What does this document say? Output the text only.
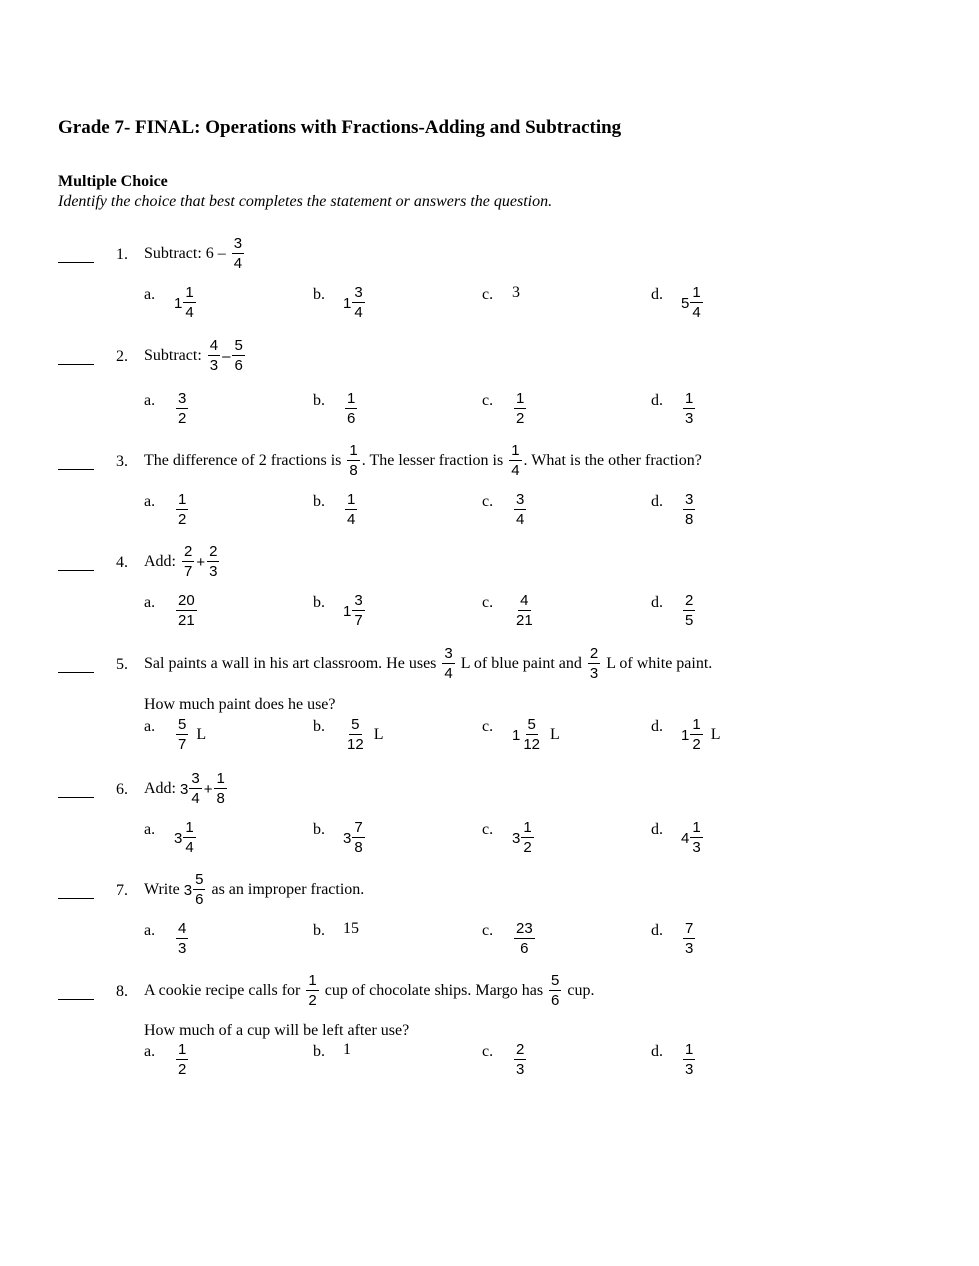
Grade 7- FINAL: Operations with Fractions-Adding and Subtracting
Multiple Choice
Identify the choice that best completes the statement or answers the question.
1. Subtract: $6 - \frac{3}{4}$
a.	$1 \frac{1}{4}$	b.	$1 \frac{3}{4}$	c.	3	d.	$5 \frac{1}{4}$
2. Subtract: $\frac{4}{3} - \frac{5}{6}$
a.	$\frac{3}{2}$	b.	$\frac{1}{6}$	c.	$\frac{1}{2}$	d.	$\frac{1}{3}$
3. The difference of 2 fractions is $\frac{1}{8}$ . The lesser fraction is $\frac{1}{4}$ . What is the other fraction?
a.	$\frac{1}{2}$	b.	$\frac{1}{4}$	c.	$\frac{3}{4}$	d.	$\frac{3}{8}$
4. Add: $\frac{2}{7} + \frac{2}{3}$
a.	$\frac{20}{21}$	b.	$1 \frac{3}{7}$	c.	$\frac{4}{21}$	d.	$\frac{2}{5}$
5. Sal paints a wall in his art classroom. He uses $\frac{3}{4}$ L of blue paint and $\frac{2}{3}$ L of white paint.
How much paint does he use?
a.	$\frac{5}{7}$ L	b.	$\frac{5}{12}$ L	c.	$1 \frac{5}{12}$ L	d.	$1 \frac{1}{2}$ L
6. Add: $3 \frac{3}{4} + \frac{1}{8}$
a.	$3 \frac{1}{4}$	b.	$3 \frac{7}{8}$	c.	$3 \frac{1}{2}$	d.	$4 \frac{1}{3}$
7. Write $3 \frac{5}{6}$ as an improper fraction.
a.	$\frac{4}{3}$	b.	15	c.	$\frac{23}{6}$	d.	$\frac{7}{3}$
8. A cookie recipe calls for $\frac{1}{2}$ cup of chocolate ships. Margo has $\frac{5}{6}$ cup.
How much of a cup will be left after use?
a.	$\frac{1}{2}$	b.	1	c.	$\frac{2}{3}$	d.	$\frac{1}{3}$
